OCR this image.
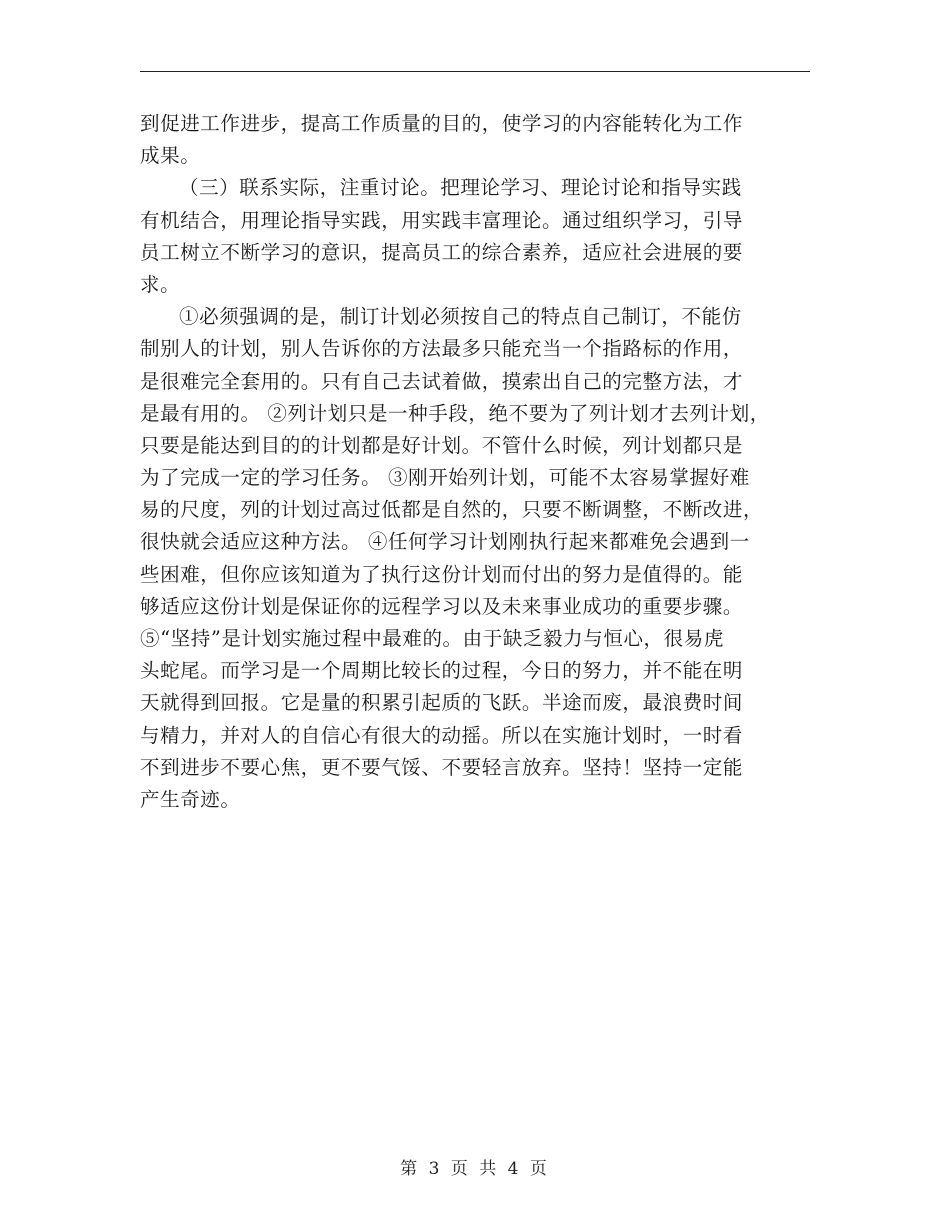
到促进工作进步，提高工作质量的目的，使学习的内容能转化为工作
成果。
（三）联系实际，注重讨论。把理论学习、理论讨论和指导实践
有机结合，用理论指导实践，用实践丰富理论。通过组织学习，引导
员工树立不断学习的意识，提高员工的综合素养，适应社会进展的要
求。
①必须强调的是，制订计划必须按自己的特点自己制订，不能仿
制别人的计划，别人告诉你的方法最多只能充当一个指路标的作用，
是很难完全套用的。只有自己去试着做，摸索出自己的完整方法，才
是最有用的。 ②列计划只是一种手段，绝不要为了列计划才去列计划，
只要是能达到目的的计划都是好计划。不管什么时候，列计划都只是
为了完成一定的学习任务。 ③刚开始列计划，可能不太容易掌握好难
易的尺度，列的计划过高过低都是自然的，只要不断调整，不断改进，
很快就会适应这种方法。 ④任何学习计划刚执行起来都难免会遇到一
些困难，但你应该知道为了执行这份计划而付出的努力是值得的。能
够适应这份计划是保证你的远程学习以及未来事业成功的重要步骤。
⑤“坚持”是计划实施过程中最难的。由于缺乏毅力与恒心，很易虎
头蛇尾。而学习是一个周期比较长的过程，今日的努力，并不能在明
天就得到回报。它是量的积累引起质的飞跃。半途而废，最浪费时间
与精力，并对人的自信心有很大的动摇。所以在实施计划时，一时看
不到进步不要心焦，更不要气馁、不要轻言放弃。坚持！坚持一定能
产生奇迹。
第 3 页 共 4 页
